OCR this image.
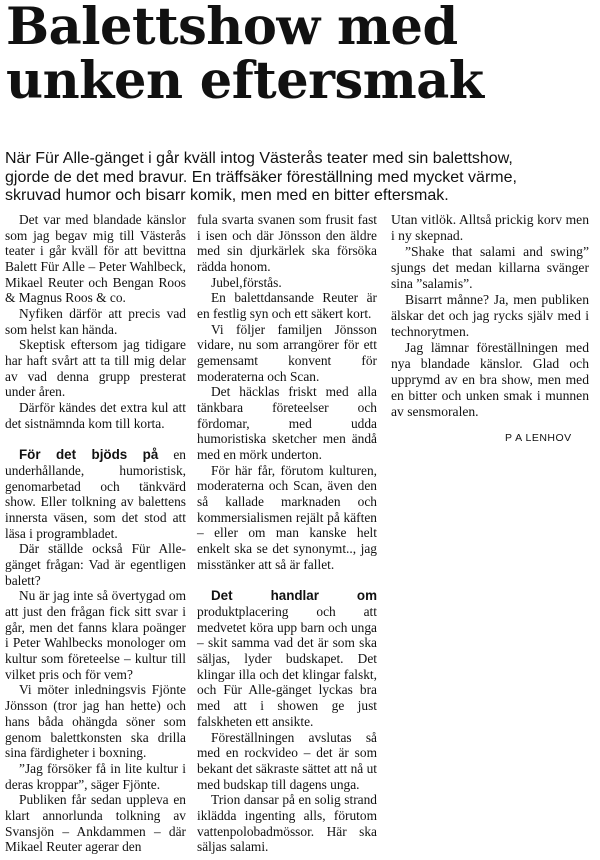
Balettshow med
unken eftersmak

När Für Alle-gänget i går kväll intog Västerås teater med sin balettshow,
gjorde de det med bravur. En träffsäker föreställning med mycket värme,
skruvad humor och bisarr komik, men med en bitter eftersmak.

Det var med blandade känslor som jag begav mig till Västerås teater i går kväll för att bevittna Balett Für Alle – Peter Wahlbeck, Mikael Reuter och Bengan Roos & Magnus Roos & co.

Nyfiken därför att precis vad som helst kan hända.

Skeptisk eftersom jag tidigare har haft svårt att ta till mig delar av vad denna grupp presterat under åren.

Därför kändes det extra kul att det sistnämnda kom till korta.

För det bjöds på en underhållande, humoristisk, genomarbetad och tänkvärd show. Eller tolkning av balettens innersta väsen, som det stod att läsa i programbladet.

Där ställde också Für Alle-gänget frågan: Vad är egentligen balett?

Nu är jag inte så övertygad om att just den frågan fick sitt svar i går, men det fanns klara poänger i Peter Wahlbecks monologer om kultur som företeelse – kultur till vilket pris och för vem?

Vi möter inledningsvis Fjönte Jönsson (tror jag han hette) och hans båda ohängda söner som genom balettkonsten ska drilla sina färdigheter i boxning.

”Jag försöker få in lite kultur i deras kroppar”, säger Fjönte.

Publiken får sedan uppleva en klart annorlunda tolkning av Svansjön – Ankdammen – där Mikael Reuter agerar den

fula svarta svanen som frusit fast i isen och där Jönsson den äldre med sin djurkärlek ska försöka rädda honom.

Jubel,förstås.

En balettdansande Reuter är en festlig syn och ett säkert kort.

Vi följer familjen Jönsson vidare, nu som arrangörer för ett gemensamt konvent för moderaterna och Scan.

Det häcklas friskt med alla tänkbara företeelser och fördomar, med udda humoristiska sketcher men ändå med en mörk underton.

För här får, förutom kulturen, moderaterna och Scan, även den så kallade marknaden och kommersialismen rejält på käften – eller om man kanske helt enkelt ska se det synonymt.., jag misstänker att så är fallet.

Det handlar om produktplacering och att medvetet köra upp barn och unga – skit samma vad det är som ska säljas, lyder budskapet. Det klingar illa och det klingar falskt, och Für Alle-gänget lyckas bra med att i showen ge just falskheten ett ansikte.

Föreställningen avslutas så med en rockvideo – det är som bekant det säkraste sättet att nå ut med budskap till dagens unga.

Trion dansar på en solig strand iklädda ingenting alls, förutom vattenpolobadmössor. Här ska säljas salami.

Utan vitlök. Alltså prickig korv men i ny skepnad.

”Shake that salami and swing” sjungs det medan killarna svänger sina ”salamis”.

Bisarrt månne? Ja, men publiken älskar det och jag rycks själv med i technorytmen.

Jag lämnar föreställningen med nya blandade känslor. Glad och upprymd av en bra show, men med en bitter och unken smak i munnen av sensmoralen.

P A LENHOV
